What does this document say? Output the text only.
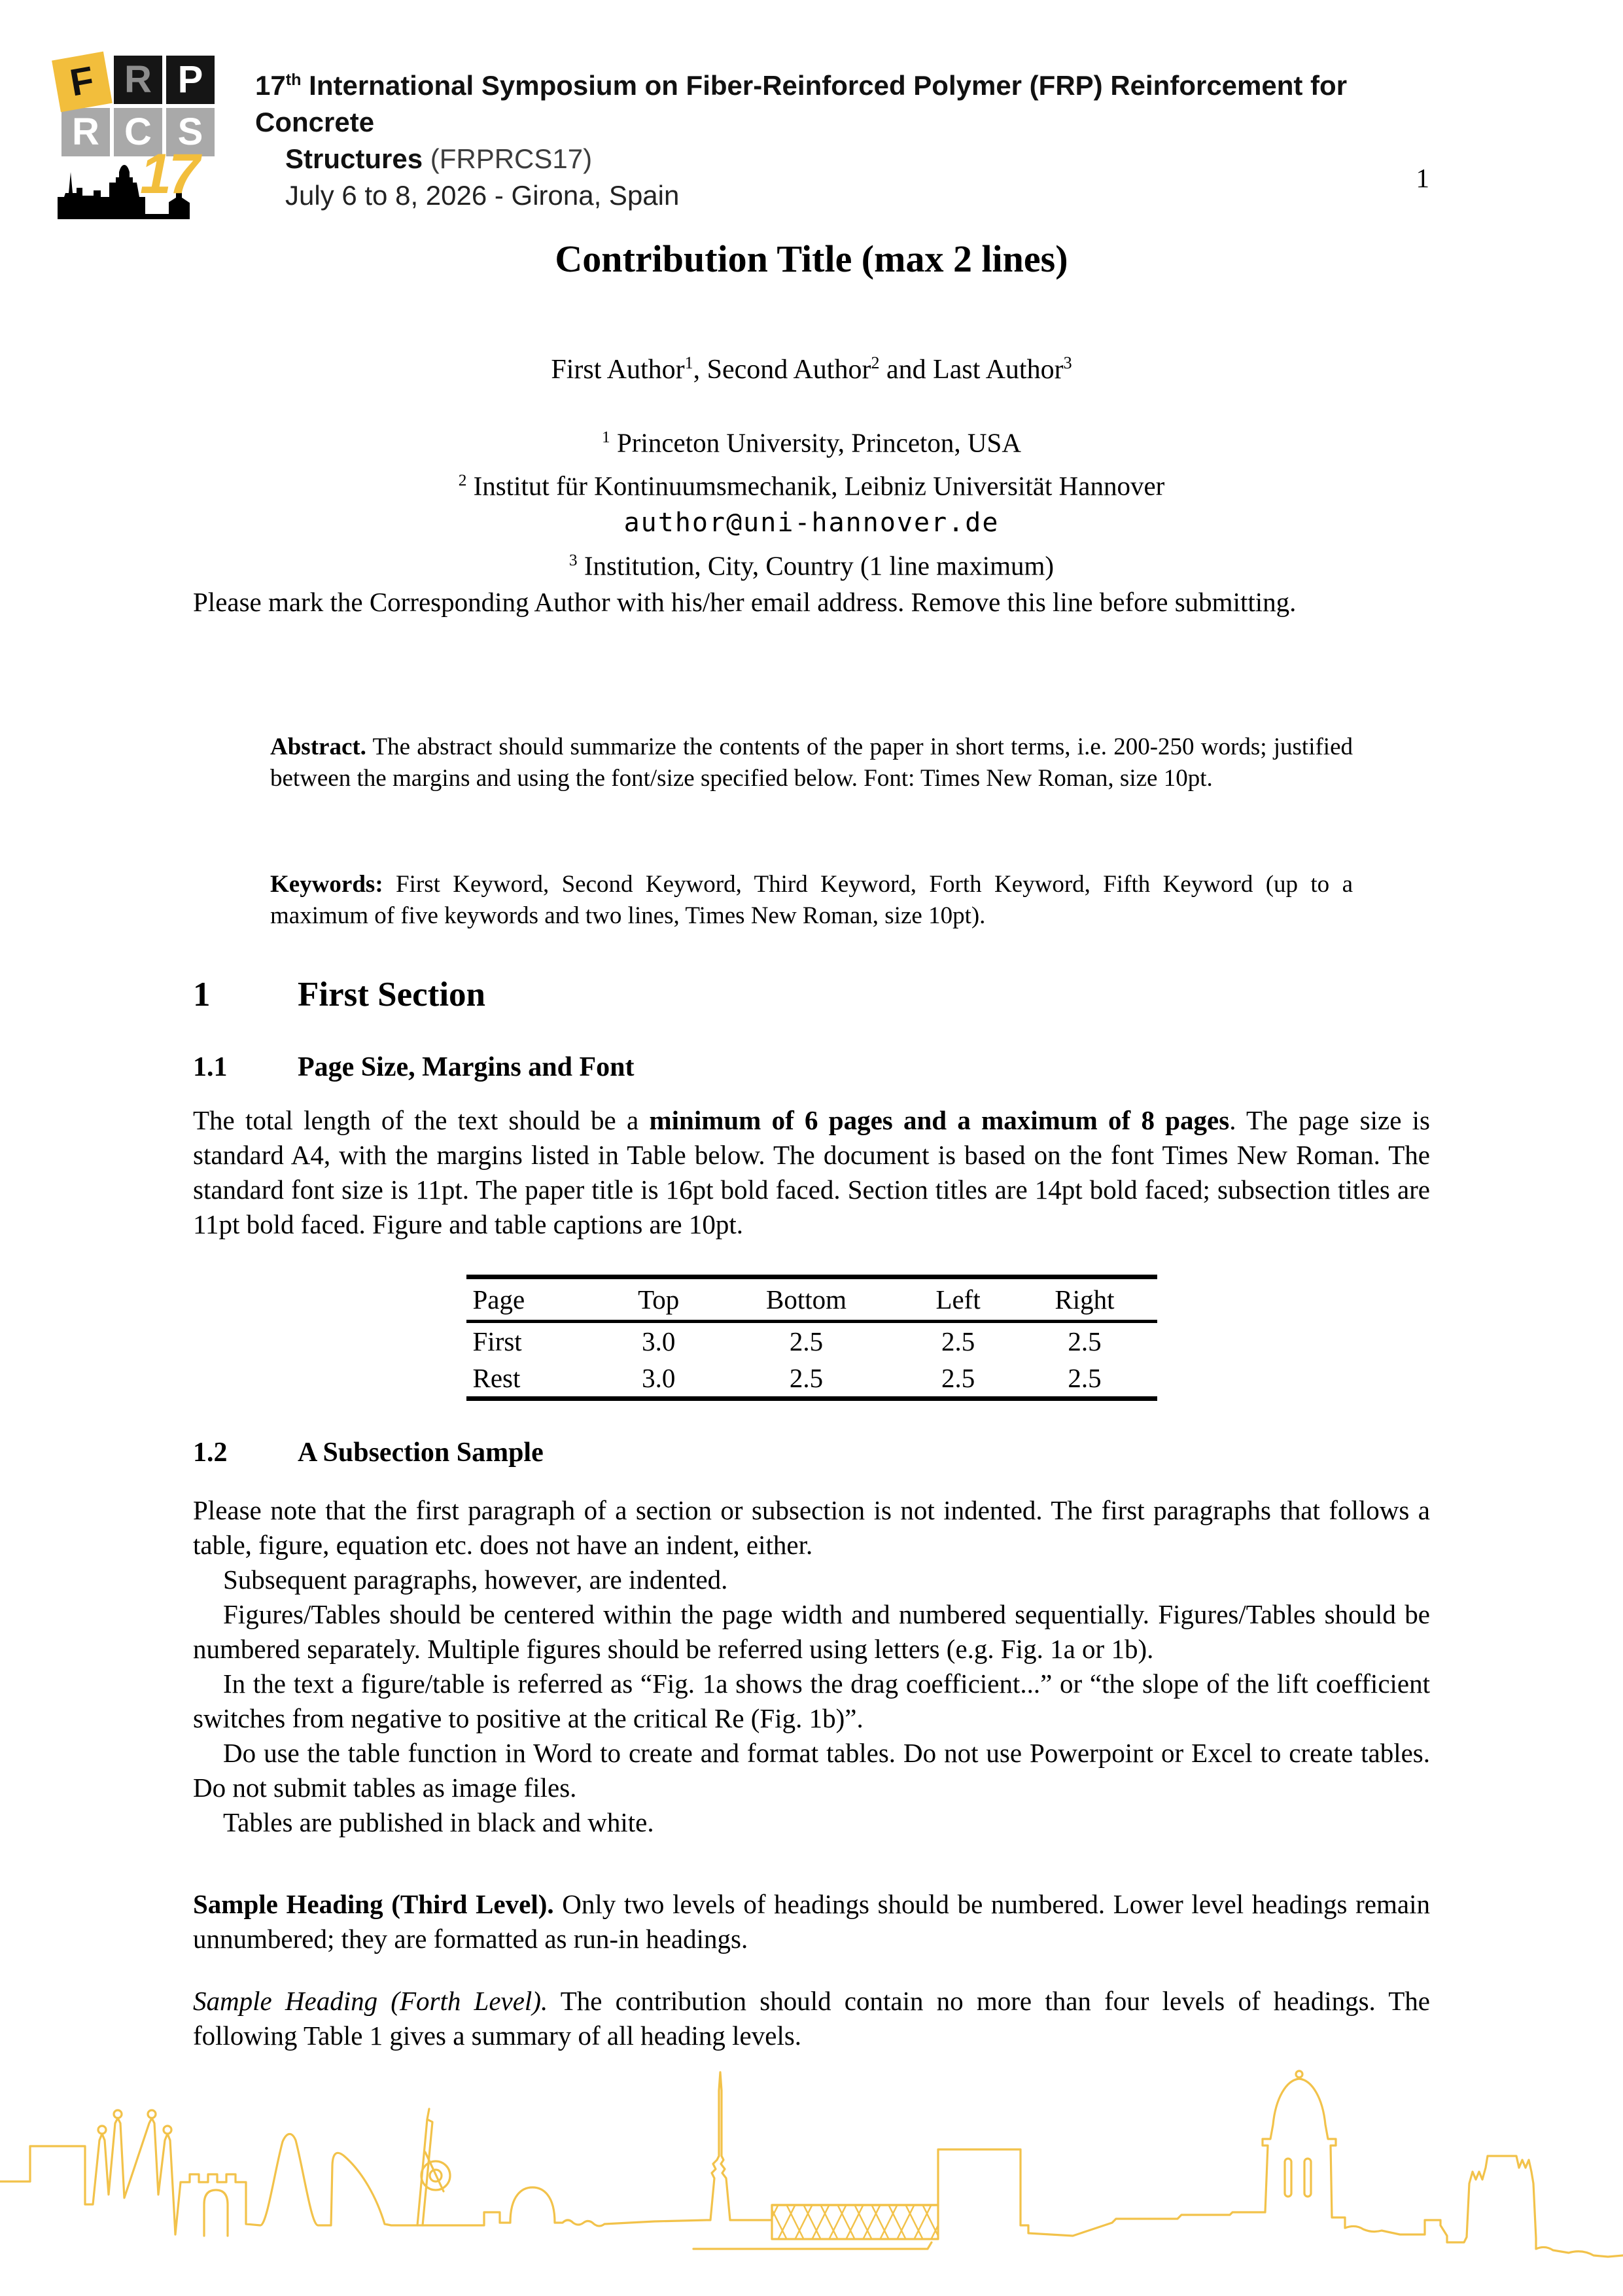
F R P
R C S
17
17th International Symposium on Fiber-Reinforced Polymer (FRP) Reinforcement for Concrete
Structures (FRPRCS17)
July 6 to 8, 2026 - Girona, Spain
1
Contribution Title (max 2 lines)
First Author$^1$, Second Author$^2$ and Last Author$^3$
$^1$ Princeton University, Princeton, USA
$^2$ Institut für Kontinuumsmechanik, Leibniz Universität Hannover
author@uni-hannover.de
$^3$ Institution, City, Country (1 line maximum)
Please mark the Corresponding Author with his/her email address. Remove this line before submitting.
Abstract. The abstract should summarize the contents of the paper in short terms, i.e. 200-250 words; justified between the margins and using the font/size specified below. Font: Times New Roman, size 10pt.
Keywords: First Keyword, Second Keyword, Third Keyword, Forth Keyword, Fifth Keyword (up to a maximum of five keywords and two lines, Times New Roman, size 10pt).
1	First Section
1.1	Page Size, Margins and Font
The total length of the text should be a minimum of 6 pages and a maximum of 8 pages. The page size is standard A4, with the margins listed in Table below. The document is based on the font Times New Roman. The standard font size is 11pt. The paper title is 16pt bold faced. Section titles are 14pt bold faced; subsection titles are 11pt bold faced. Figure and table captions are 10pt.
Page	Top	Bottom	Left	Right
First	3.0	2.5	2.5	2.5
Rest	3.0	2.5	2.5	2.5
1.2	A Subsection Sample

Please note that the first paragraph of a section or subsection is not indented. The first paragraphs that follows a table, figure, equation etc. does not have an indent, either.

Subsequent paragraphs, however, are indented.

Figures/Tables should be centered within the page width and numbered sequentially. Figures/Tables should be numbered separately. Multiple figures should be referred using letters (e.g. Fig. 1a or 1b).

In the text a figure/table is referred as “Fig. 1a shows the drag coefficient...” or “the slope of the lift coefficient switches from negative to positive at the critical Re (Fig. 1b)”.

Do use the table function in Word to create and format tables. Do not use Powerpoint or Excel to create tables. Do not submit tables as image files.

Tables are published in black and white.

Sample Heading (Third Level). Only two levels of headings should be numbered. Lower level headings remain unnumbered; they are formatted as run-in headings.
Sample Heading (Forth Level). The contribution should contain no more than four levels of headings. The following Table 1 gives a summary of all heading levels.
